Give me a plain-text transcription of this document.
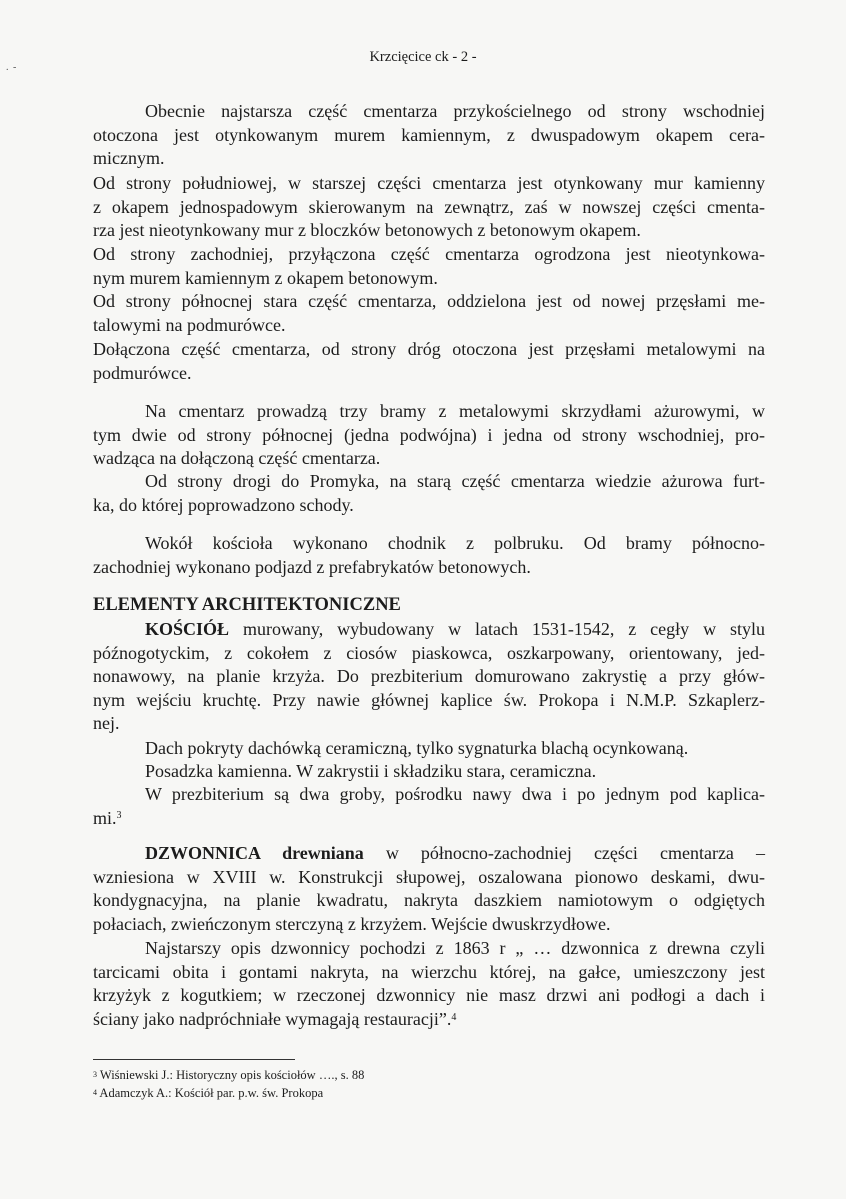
. -
Krzcięcice ck - 2 -
Obecnie najstarsza część cmentarza przykościelnego od strony wschodniej
otoczona jest otynkowanym murem kamiennym, z dwuspadowym okapem cera-
micznym.
Od strony południowej, w starszej części cmentarza jest otynkowany mur kamienny
z okapem jednospadowym skierowanym na zewnątrz, zaś w nowszej części cmenta-
rza jest nieotynkowany mur z bloczków betonowych z betonowym okapem.
Od strony zachodniej, przyłączona część cmentarza ogrodzona jest nieotynkowa-
nym murem kamiennym z okapem betonowym.
Od strony północnej stara część cmentarza, oddzielona jest od nowej przęsłami me-
talowymi na podmurówce.
Dołączona część cmentarza, od strony dróg otoczona jest przęsłami metalowymi na
podmurówce.
Na cmentarz prowadzą trzy bramy z metalowymi skrzydłami ażurowymi, w
tym dwie od strony północnej (jedna podwójna) i jedna od strony wschodniej, pro-
wadząca na dołączoną część cmentarza.
Od strony drogi do Promyka, na starą część cmentarza wiedzie ażurowa furt-
ka, do której poprowadzono schody.
Wokół kościoła wykonano chodnik z polbruku. Od bramy północno-
zachodniej wykonano podjazd z prefabrykatów betonowych.
ELEMENTY ARCHITEKTONICZNE
KOŚCIÓŁ murowany, wybudowany w latach 1531-1542, z cegły w stylu
późnogotyckim, z cokołem z ciosów piaskowca, oszkarpowany, orientowany, jed-
nonawowy, na planie krzyża. Do prezbiterium domurowano zakrystię a przy głów-
nym wejściu kruchtę. Przy nawie głównej kaplice św. Prokopa i N.M.P. Szkaplerz-
nej.
Dach pokryty dachówką ceramiczną, tylko sygnaturka blachą ocynkowaną.
Posadzka kamienna. W zakrystii i składziku stara, ceramiczna.
W prezbiterium są dwa groby, pośrodku nawy dwa i po jednym pod kaplica-
mi.$^3$
DZWONNICA drewniana w północno-zachodniej części cmentarza –
wzniesiona w XVIII w. Konstrukcji słupowej, oszalowana pionowo deskami, dwu-
kondygnacyjna, na planie kwadratu, nakryta daszkiem namiotowym o odgiętych
połaciach, zwieńczonym sterczyną z krzyżem. Wejście dwuskrzydłowe.
Najstarszy opis dzwonnicy pochodzi z 1863 r „ … dzwonnica z drewna czyli
tarcicami obita i gontami nakryta, na wierzchu której, na gałce, umieszczony jest
krzyżyk z kogutkiem; w rzeczonej dzwonnicy nie masz drzwi ani podłogi a dach i
ściany jako nadpróchniałe wymagają restauracji”.$^4$
$^3$ Wiśniewski J.: Historyczny opis kościołów …., s. 88
$^4$ Adamczyk A.: Kościół par. p.w. św. Prokopa
